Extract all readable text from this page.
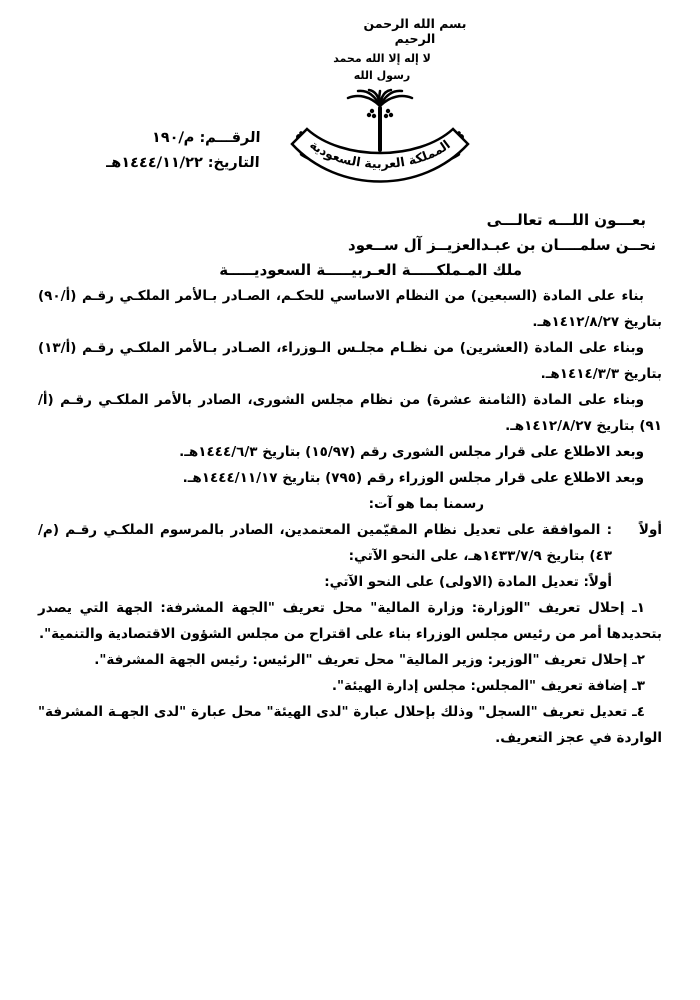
بسم الله الرحمن الرحيم
لا إله إلا الله محمد رسول الله
المملكة العربية السعودية
الرقـــم: م/١٩٠
التاريخ: ١٤٤٤/١١/٢٢هـ
بعـــون اللـــه تعالـــى
نحــن سلمــــان بن عبـدالعزيــز آل ســعود
ملك المـملكـــــة العـربيـــــة السعوديـــــة

بناء على المادة (السبعين) من النظام الاساسي للحكـم، الصـادر بـالأمر الملكـي رقـم (أ/٩٠) بتاريخ ١٤١٢/٨/٢٧هـ.

وبناء على المادة (العشرين) من نظـام مجلـس الـوزراء، الصـادر بـالأمر الملكـي رقـم (أ/١٣) بتاريخ ١٤١٤/٣/٣هـ.

وبناء على المادة (الثامنة عشرة) من نظام مجلس الشورى، الصادر بالأمر الملكـي رقـم (أ/٩١) بتاريخ ١٤١٢/٨/٢٧هـ.

وبعد الاطلاع على قرار مجلس الشورى رقم (١٥/٩٧) بتاريخ ١٤٤٤/٦/٣هـ.

وبعد الاطلاع على قرار مجلس الوزراء رقم (٧٩٥) بتاريخ ١٤٤٤/١١/١٧هـ.

رسمنا بما هو آت:

أولاً

: الموافقة على تعديل نظام المقيّمين المعتمدين، الصادر بالمرسوم الملكـي رقـم (م/٤٣) بتاريخ ١٤٣٣/٧/٩هـ، على النحو الآتي:

أولاً: تعديل المادة (الاولى) على النحو الآتي:

١ـ إحلال تعريف "الوزارة: وزارة المالية" محل تعريف "الجهة المشرفة: الجهة التي يصدر بتحديدها أمر من رئيس مجلس الوزراء بناء على اقتراح من مجلس الشؤون الاقتصادية والتنمية".
٢ـ إحلال تعريف "الوزير: وزير المالية" محل تعريف "الرئيس: رئيس الجهة المشرفة".
٣ـ إضافة تعريف "المجلس: مجلس إدارة الهيئة".
٤ـ تعديل تعريف "السجل" وذلك بإحلال عبارة "لدى الهيئة" محل عبارة "لدى الجهـة المشرفة" الواردة في عجز التعريف.
